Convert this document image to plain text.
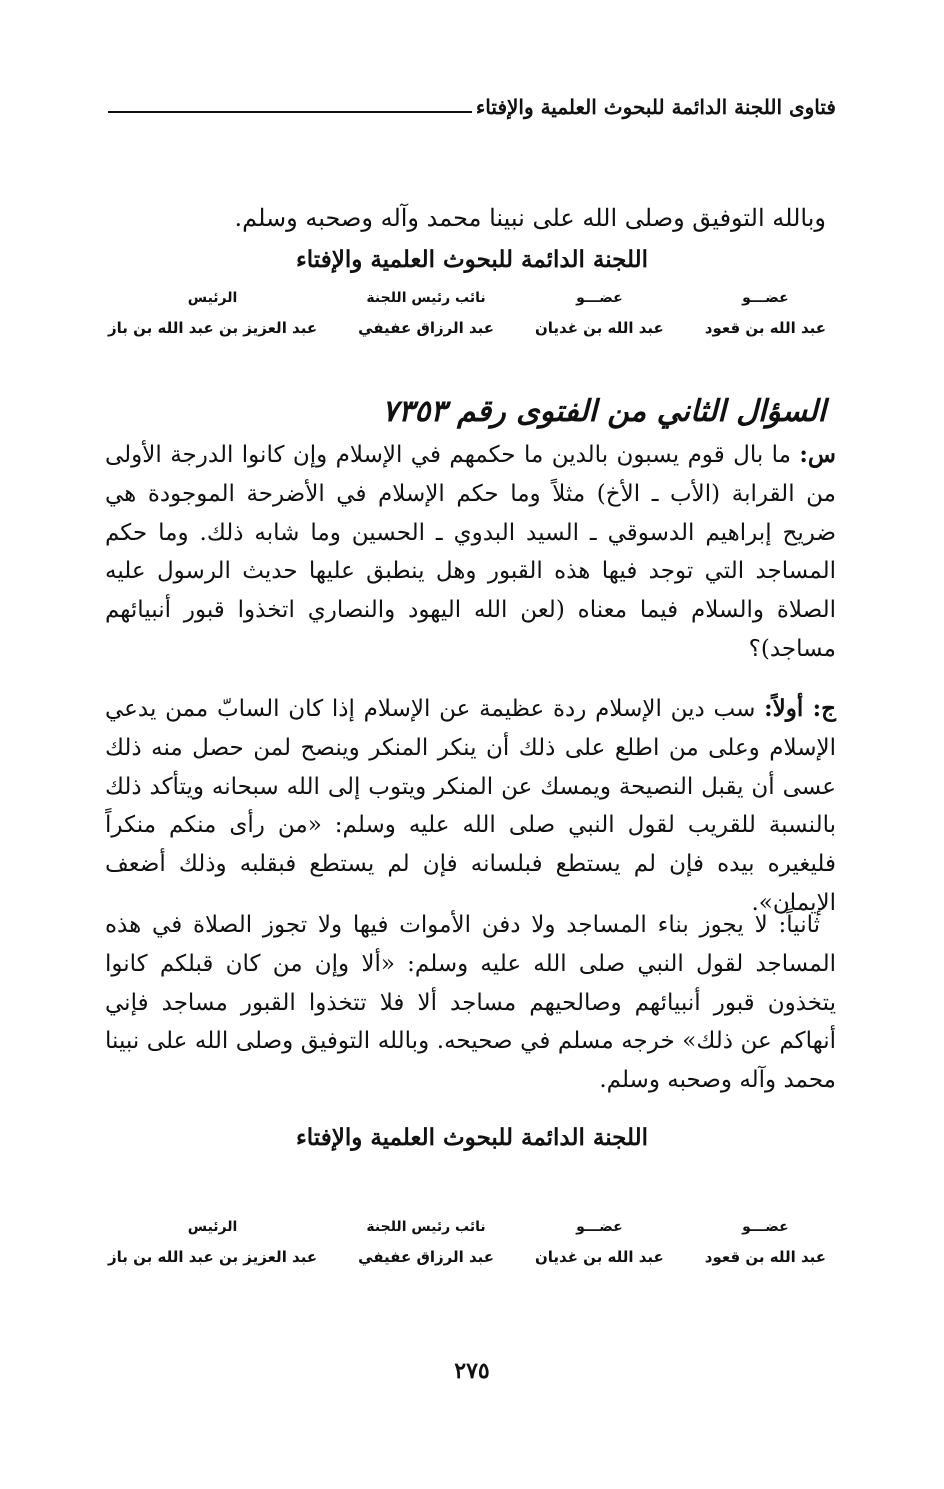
فتاوى اللجنة الدائمة للبحوث العلمية والإفتاء
وبالله التوفيق وصلى الله على نبينا محمد وآله وصحبه وسلم.
اللجنة الدائمة للبحوث العلمية والإفتاء
عضـــو
عبد الله بن قعود
عضـــو
عبد الله بن غديان
نائب رئيس اللجنة
عبد الرزاق عفيفي
الرئيس
عبد العزيز بن عبد الله بن باز
السؤال الثاني من الفتوى رقم ٧٣٥٣
س: ما بال قوم يسبون بالدين ما حكمهم في الإسلام وإن كانوا الدرجة الأولى من القرابة (الأب ـ الأخ) مثلاً وما حكم الإسلام في الأضرحة الموجودة هي ضريح إبراهيم الدسوقي ـ السيد البدوي ـ الحسين وما شابه ذلك. وما حكم المساجد التي توجد فيها هذه القبور وهل ينطبق عليها حديث الرسول عليه الصلاة والسلام فيما معناه (لعن الله اليهود والنصاري اتخذوا قبور أنبيائهم مساجد)؟
ج: أولاً: سب دين الإسلام ردة عظيمة عن الإسلام إذا كان السابّ ممن يدعي الإسلام وعلى من اطلع على ذلك أن ينكر المنكر وينصح لمن حصل منه ذلك عسى أن يقبل النصيحة ويمسك عن المنكر ويتوب إلى الله سبحانه ويتأكد ذلك بالنسبة للقريب لقول النبي صلى الله عليه وسلم: «من رأى منكم منكراً فليغيره بيده فإن لم يستطع فبلسانه فإن لم يستطع فبقلبه وذلك أضعف الإيمان».
ثانياً: لا يجوز بناء المساجد ولا دفن الأموات فيها ولا تجوز الصلاة في هذه المساجد لقول النبي صلى الله عليه وسلم: «ألا وإن من كان قبلكم كانوا يتخذون قبور أنبيائهم وصالحيهم مساجد ألا فلا تتخذوا القبور مساجد فإني أنهاكم عن ذلك» خرجه مسلم في صحيحه. وبالله التوفيق وصلى الله على نبينا محمد وآله وصحبه وسلم.
اللجنة الدائمة للبحوث العلمية والإفتاء
عضـــو
عبد الله بن قعود
عضـــو
عبد الله بن غديان
نائب رئيس اللجنة
عبد الرزاق عفيفي
الرئيس
عبد العزيز بن عبد الله بن باز
٢٧٥
